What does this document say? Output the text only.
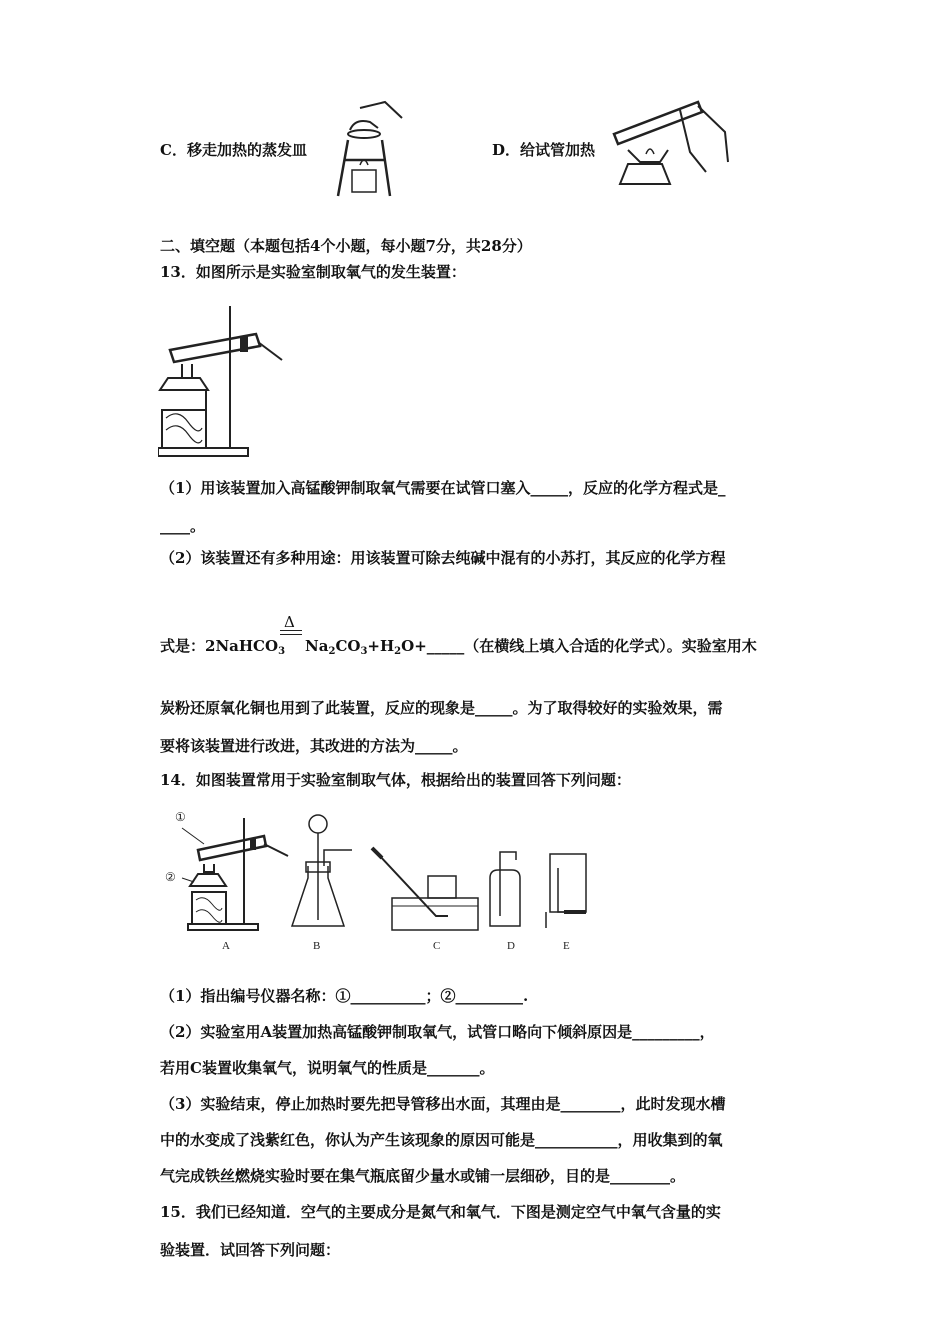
C．移走加热的蒸发皿	D．给试管加热
二、填空题（本题包括4个小题，每小题7分，共28分）
13．如图所示是实验室制取氧气的发生装置：
（1）用该装置加入高锰酸钾制取氧气需要在试管口塞入_____，反应的化学方程式是_
____。
（2）该装置还有多种用途：用该装置可除去纯碱中混有的小苏打，其反应的化学方程
Δ
式是：2NaHCO$_3$ $Na_2CO_3+H_2O+\_\_\_\_\_$（在横线上填入合适的化学式）。实验室用木
炭粉还原氧化铜也用到了此装置，反应的现象是_____。为了取得较好的实验效果，需
要将该装置进行改进，其改进的方法为_____。
14．如图装置常用于实验室制取气体，根据给出的装置回答下列问题：
①
②
A	B	C	D	E
（1）指出编号仪器名称：①__________；②_________.
（2）实验室用A装置加热高锰酸钾制取氧气，试管口略向下倾斜原因是_________，
若用C装置收集氧气，说明氧气的性质是_______。
（3）实验结束，停止加热时要先把导管移出水面，其理由是________，此时发现水槽
中的水变成了浅紫红色，你认为产生该现象的原因可能是___________，用收集到的氧
气完成铁丝燃烧实验时要在集气瓶底留少量水或铺一层细砂，目的是________。
15．我们已经知道．空气的主要成分是氮气和氧气．下图是测定空气中氧气含量的实
验装置．试回答下列问题：
